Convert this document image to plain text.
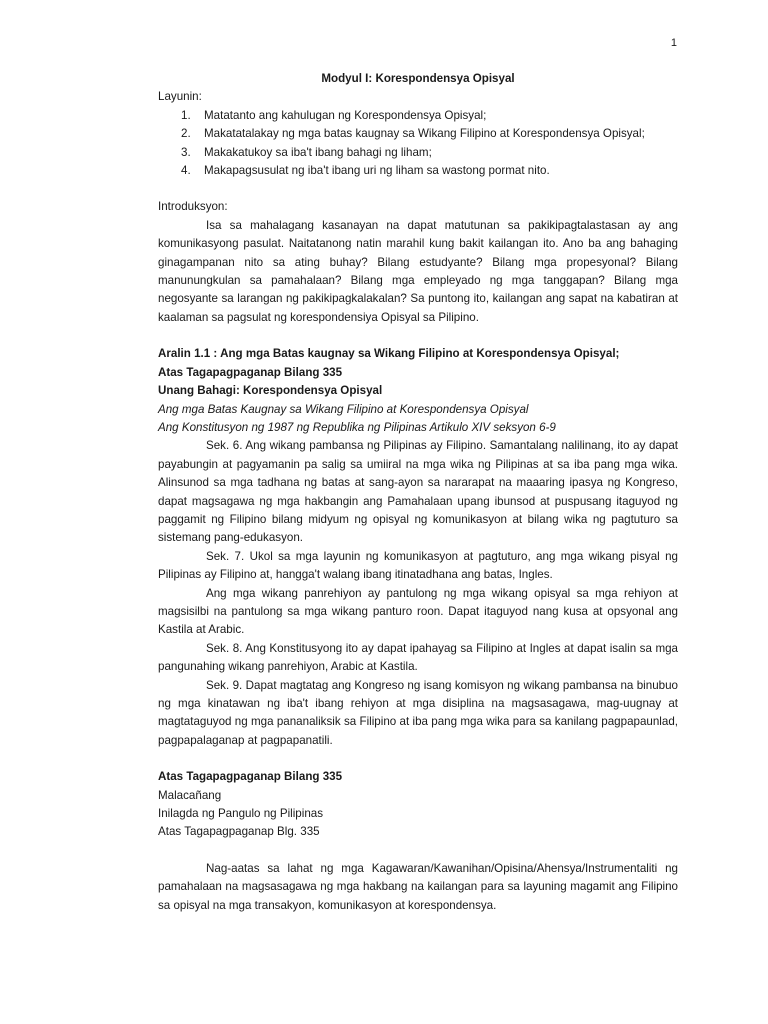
1

Modyul I: Korespondensya Opisyal

Layunin:

1.	Matatanto ang kahulugan ng Korespondensya Opisyal;
2.	Makatatalakay ng mga batas kaugnay sa Wikang Filipino at Korespondensya Opisyal;
3.	Makakatukoy sa iba't ibang bahagi ng liham;
4.	Makapagsusulat ng iba't ibang uri ng liham sa wastong pormat nito.

Introduksyon:

Isa sa mahalagang kasanayan na dapat matutunan sa pakikipagtalastasan ay ang komunikasyong pasulat. Naitatanong natin marahil kung bakit kailangan ito. Ano ba ang bahaging ginagampanan nito sa ating buhay? Bilang estudyante? Bilang mga propesyonal? Bilang manunungkulan sa pamahalaan? Bilang mga empleyado ng mga tanggapan? Bilang mga negosyante sa larangan ng pakikipagkalakalan? Sa puntong ito, kailangan ang sapat na kabatiran at kaalaman sa pagsulat ng korespondensiya Opisyal sa Pilipino.

Aralin 1.1 : Ang mga Batas kaugnay sa Wikang Filipino at Korespondensya Opisyal;

Atas Tagapagpaganap Bilang 335

Unang Bahagi: Korespondensya Opisyal

Ang mga Batas Kaugnay sa Wikang Filipino at Korespondensya Opisyal

Ang Konstitusyon ng 1987 ng Republika ng Pilipinas Artikulo XIV seksyon 6-9

Sek. 6. Ang wikang pambansa ng Pilipinas ay Filipino. Samantalang nalilinang, ito ay dapat payabungin at pagyamanin pa salig sa umiiral na mga wika ng Pilipinas at sa iba pang mga wika. Alinsunod sa mga tadhana ng batas at sang-ayon sa nararapat na maaaring ipasya ng Kongreso, dapat magsagawa ng mga hakbangin ang Pamahalaan upang ibunsod at puspusang itaguyod ng paggamit ng Filipino bilang midyum ng opisyal ng komunikasyon at bilang wika ng pagtuturo sa sistemang pang-edukasyon.

Sek. 7. Ukol sa mga layunin ng komunikasyon at pagtuturo, ang mga wikang pisyal ng Pilipinas ay Filipino at, hangga't walang ibang itinatadhana ang batas, Ingles.

Ang mga wikang panrehiyon ay pantulong ng mga wikang opisyal sa mga rehiyon at magsisilbi na pantulong sa mga wikang panturo roon. Dapat itaguyod nang kusa at opsyonal ang Kastila at Arabic.

Sek. 8. Ang Konstitusyong ito ay dapat ipahayag sa Filipino at Ingles at dapat isalin sa mga pangunahing wikang panrehiyon, Arabic at Kastila.

Sek. 9. Dapat magtatag ang Kongreso ng isang komisyon ng wikang pambansa na binubuo ng mga kinatawan ng iba't ibang rehiyon at mga disiplina na magsasagawa, mag-uugnay at magtataguyod ng mga pananaliksik sa Filipino at iba pang mga wika para sa kanilang pagpapaunlad, pagpapalaganap at pagpapanatili.

Atas Tagapagpaganap Bilang 335

Malacañang

Inilagda ng Pangulo ng Pilipinas

Atas Tagapagpaganap Blg. 335

Nag-aatas sa lahat ng mga Kagawaran/Kawanihan/Opisina/Ahensya/Instrumentaliti ng pamahalaan na magsasagawa ng mga hakbang na kailangan para sa layuning magamit ang Filipino sa opisyal na mga transakyon, komunikasyon at korespondensya.
